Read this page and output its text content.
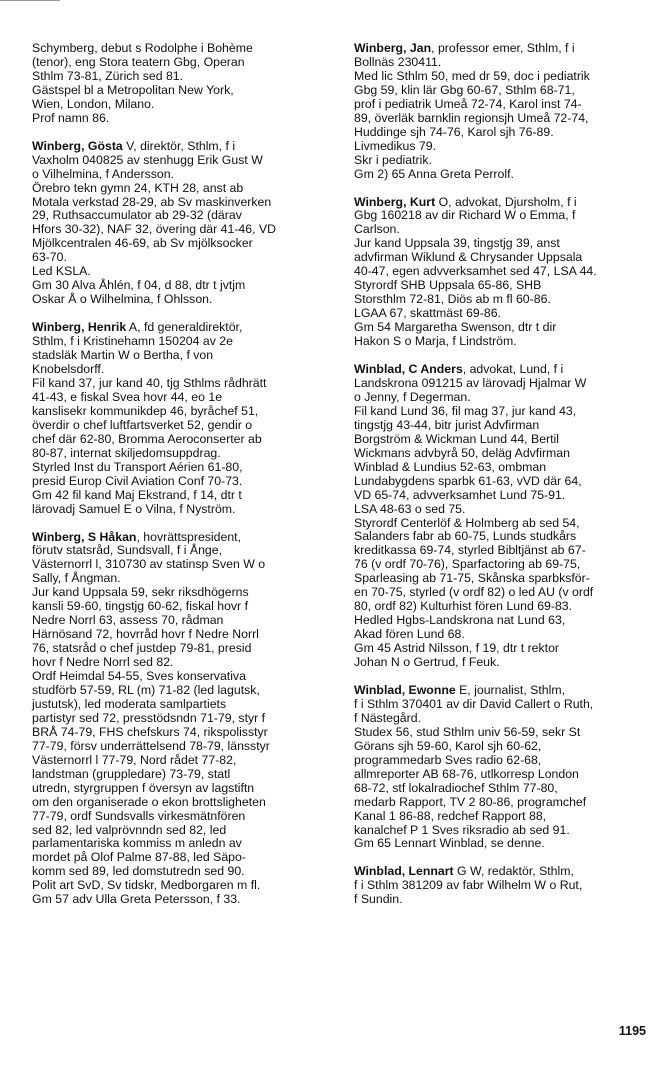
Schymberg, debut s Rodolphe i Bohème
(tenor), eng Stora teatern Gbg, Operan
Sthlm 73-81, Zürich sed 81.
Gästspel bl a Metropolitan New York,
Wien, London, Milano.
Prof namn 86.
Winberg, Gösta V, direktör, Sthlm, f i
Vaxholm 040825 av stenhugg Erik Gust W
o Vilhelmina, f Andersson.
Örebro tekn gymn 24, KTH 28, anst ab
Motala verkstad 28-29, ab Sv maskinverken
29, Ruthsaccumulator ab 29-32 (därav
Hfors 30-32), NAF 32, övering där 41-46, VD
Mjölkcentralen 46-69, ab Sv mjölksocker
63-70.
Led KSLA.
Gm 30 Alva Åhlén, f 04, d 88, dtr t jvtjm
Oskar Å o Wilhelmina, f Ohlsson.
Winberg, Henrik A, fd generaldirektör,
Sthlm, f i Kristinehamn 150204 av 2e
stadsläk Martin W o Bertha, f von
Knobelsdorff.
Fil kand 37, jur kand 40, tjg Sthlms rådhrätt
41-43, e fiskal Svea hovr 44, eo 1e
kanslisekr kommunikdep 46, byråchef 51,
överdir o chef luftfartsverket 52, gendir o
chef där 62-80, Bromma Aeroconserter ab
80-87, internat skiljedomsuppdrag.
Styrled Inst du Transport Aérien 61-80,
presid Europ Civil Aviation Conf 70-73.
Gm 42 fil kand Maj Ekstrand, f 14, dtr t
lärovadj Samuel E o Vilna, f Nyström.
Winberg, S Håkan, hovrättspresident,
förutv statsråd, Sundsvall, f i Ånge,
Västernorrl l, 310730 av statinsp Sven W o
Sally, f Ångman.
Jur kand Uppsala 59, sekr riksdhögerns
kansli 59-60, tingstjg 60-62, fiskal hovr f
Nedre Norrl 63, assess 70, rådman
Härnösand 72, hovrråd hovr f Nedre Norrl
76, statsråd o chef justdep 79-81, presid
hovr f Nedre Norrl sed 82.
Ordf Heimdal 54-55, Sves konservativa
studförb 57-59, RL (m) 71-82 (led lagutsk,
justutsk), led moderata samlpartiets
partistyr sed 72, presstödsndn 71-79, styr f
BRÅ 74-79, FHS chefskurs 74, rikspolisstyr
77-79, försv underrättelsend 78-79, länsstyr
Västernorrl l 77-79, Nord rådet 77-82,
landstman (gruppledare) 73-79, statl
utredn, styrgruppen f översyn av lagstiftn
om den organiserade o ekon brottsligheten
77-79, ordf Sundsvalls virkesmätnfören
sed 82, led valprövnndn sed 82, led
parlamentariska kommiss m anledn av
mordet på Olof Palme 87-88, led Säpo-
komm sed 89, led domstutredn sed 90.
Polit art SvD, Sv tidskr, Medborgaren m fl.
Gm 57 adv Ulla Greta Petersson, f 33.
Winberg, Jan, professor emer, Sthlm, f i
Bollnäs 230411.
Med lic Sthlm 50, med dr 59, doc i pediatrik
Gbg 59, klin lär Gbg 60-67, Sthlm 68-71,
prof i pediatrik Umeå 72-74, Karol inst 74-
89, överläk barnklin regionsjh Umeå 72-74,
Huddinge sjh 74-76, Karol sjh 76-89.
Livmedikus 79.
Skr i pediatrik.
Gm 2) 65 Anna Greta Perrolf.
Winberg, Kurt O, advokat, Djursholm, f i
Gbg 160218 av dir Richard W o Emma, f
Carlson.
Jur kand Uppsala 39, tingstjg 39, anst
advfirman Wiklund & Chrysander Uppsala
40-47, egen advverksamhet sed 47, LSA 44.
Styrordf SHB Uppsala 65-86, SHB
Storsthlm 72-81, Diös ab m fl 60-86.
LGAA 67, skattmäst 69-86.
Gm 54 Margaretha Swenson, dtr t dir
Hakon S o Marja, f Lindström.
Winblad, C Anders, advokat, Lund, f i
Landskrona 091215 av lärovadj Hjalmar W
o Jenny, f Degerman.
Fil kand Lund 36, fil mag 37, jur kand 43,
tingstjg 43-44, bitr jurist Advfirman
Borgström & Wickman Lund 44, Bertil
Wickmans advbyrå 50, deläg Advfirman
Winblad & Lundius 52-63, ombman
Lundabygdens sparbk 61-63, vVD där 64,
VD 65-74, advverksamhet Lund 75-91.
LSA 48-63 o sed 75.
Styrordf Centerlöf & Holmberg ab sed 54,
Salanders fabr ab 60-75, Lunds studkårs
kreditkassa 69-74, styrled Bibltjänst ab 67-
76 (v ordf 70-76), Sparfactoring ab 69-75,
Sparleasing ab 71-75, Skånska sparbksför-
en 70-75, styrled (v ordf 82) o led AU (v ordf
80, ordf 82) Kulturhist fören Lund 69-83.
Hedled Hgbs-Landskrona nat Lund 63,
Akad fören Lund 68.
Gm 45 Astrid Nilsson, f 19, dtr t rektor
Johan N o Gertrud, f Feuk.
Winblad, Ewonne E, journalist, Sthlm,
f i Sthlm 370401 av dir David Callert o Ruth,
f Nästegård.
Studex 56, stud Sthlm univ 56-59, sekr St
Görans sjh 59-60, Karol sjh 60-62,
programmedarb Sves radio 62-68,
allmreporter AB 68-76, utlkorresp London
68-72, stf lokalradiochef Sthlm 77-80,
medarb Rapport, TV 2 80-86, programchef
Kanal 1 86-88, redchef Rapport 88,
kanalchef P 1 Sves riksradio ab sed 91.
Gm 65 Lennart Winblad, se denne.
Winblad, Lennart G W, redaktör, Sthlm,
f i Sthlm 381209 av fabr Wilhelm W o Rut,
f Sundin.
1195
